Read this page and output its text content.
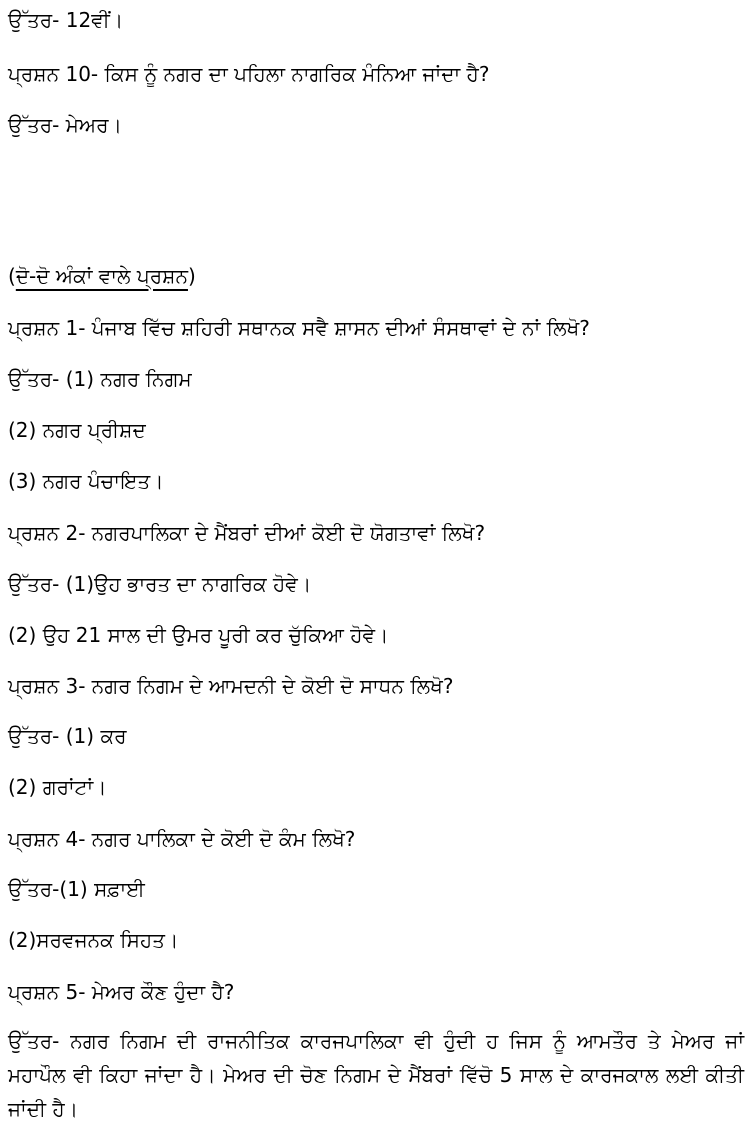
ਉੱਤਰ- 12ਵੀਂ।
ਪ੍ਰਸ਼ਨ 10- ਕਿਸ ਨੂੰ ਨਗਰ ਦਾ ਪਹਿਲਾ ਨਾਗਰਿਕ ਮੰਨਿਆ ਜਾਂਦਾ ਹੈ?
ਉੱਤਰ- ਮੇਅਰ।
(ਦੋ-ਦੋ ਅੰਕਾਂ ਵਾਲੇ ਪ੍ਰਸ਼ਨ)
ਪ੍ਰਸ਼ਨ 1- ਪੰਜਾਬ ਵਿੱਚ ਸ਼ਹਿਰੀ ਸਥਾਨਕ ਸਵੈ ਸ਼ਾਸਨ ਦੀਆਂ ਸੰਸਥਾਵਾਂ ਦੇ ਨਾਂ ਲਿਖੋ?
ਉੱਤਰ- (1) ਨਗਰ ਨਿਗਮ
(2) ਨਗਰ ਪ੍ਰੀਸ਼ਦ
(3) ਨਗਰ ਪੰਚਾਇਤ।
ਪ੍ਰਸ਼ਨ 2- ਨਗਰਪਾਲਿਕਾ ਦੇ ਮੈਂਬਰਾਂ ਦੀਆਂ ਕੋਈ ਦੋ ਯੋਗਤਾਵਾਂ ਲਿਖੋ?
ਉੱਤਰ- (1)ਉਹ ਭਾਰਤ ਦਾ ਨਾਗਰਿਕ ਹੋਵੇ।
(2) ਉਹ 21 ਸਾਲ ਦੀ ਉਮਰ ਪੂਰੀ ਕਰ ਚੁੱਕਿਆ ਹੋਵੇ।
ਪ੍ਰਸ਼ਨ 3- ਨਗਰ ਨਿਗਮ ਦੇ ਆਮਦਨੀ ਦੇ ਕੋਈ ਦੋ ਸਾਧਨ ਲਿਖੋ?
ਉੱਤਰ- (1) ਕਰ
(2) ਗਰਾਂਟਾਂ।
ਪ੍ਰਸ਼ਨ 4- ਨਗਰ ਪਾਲਿਕਾ ਦੇ ਕੋਈ ਦੋ ਕੰਮ ਲਿਖੋ?
ਉੱਤਰ-(1) ਸਫ਼ਾਈ
(2)ਸਰਵਜਨਕ ਸਿਹਤ।
ਪ੍ਰਸ਼ਨ 5- ਮੇਅਰ ਕੌਣ ਹੁੰਦਾ ਹੈ?
ਉੱਤਰ- ਨਗਰ ਨਿਗਮ ਦੀ ਰਾਜਨੀਤਿਕ ਕਾਰਜਪਾਲਿਕਾ ਵੀ ਹੁੰਦੀ ਹ ਜਿਸ ਨੂੰ ਆਮਤੌਰ ਤੇ ਮੇਅਰ ਜਾਂ ਮਹਾਪੌਲ ਵੀ ਕਿਹਾ ਜਾਂਦਾ ਹੈ। ਮੇਅਰ ਦੀ ਚੋਣ ਨਿਗਮ ਦੇ ਮੈਂਬਰਾਂ ਵਿੱਚੋ 5 ਸਾਲ ਦੇ ਕਾਰਜਕਾਲ ਲਈ ਕੀਤੀ ਜਾਂਦੀ ਹੈ।
